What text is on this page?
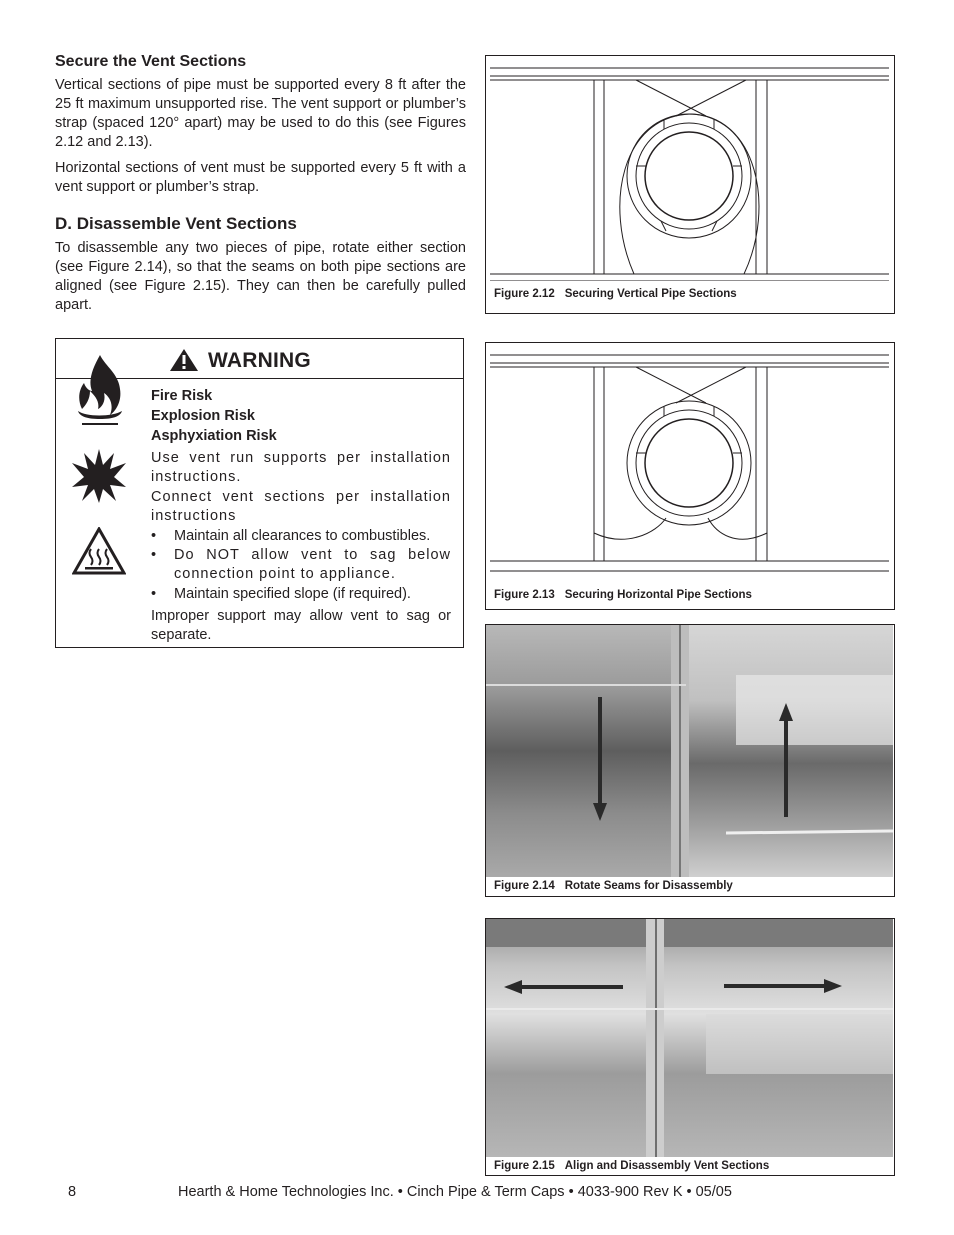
Secure the Vent Sections

Vertical sections of pipe must be supported every 8 ft after the 25 ft maximum unsupported rise. The vent support or plumber’s strap (spaced 120° apart) may be used to do this (see Figures 2.12 and 2.13).

Horizontal sections of vent must be supported every 5 ft with a vent support or plumber’s strap.

D. Disassemble Vent Sections

To disassemble any two pieces of pipe, rotate either section (see Figure 2.14), so that the seams on both pipe sections are aligned (see Figure 2.15). They can then be carefully pulled apart.

WARNING
Fire Risk
Explosion Risk
Asphyxiation Risk
Use vent run supports per installation instructions.
Connect vent sections per installation instructions
• Maintain all clearances to combustibles.
• Do NOT allow vent to sag below connection point to appliance.
• Maintain specified slope (if required).
Improper support may allow vent to sag or separate.
Figure 2.12 Securing Vertical Pipe Sections
Figure 2.13 Securing Horizontal Pipe Sections
Figure 2.14 Rotate Seams for Disassembly
Figure 2.15 Align and Disassembly Vent Sections
8	Hearth & Home Technologies Inc. • Cinch Pipe & Term Caps • 4033-900 Rev K • 05/05
